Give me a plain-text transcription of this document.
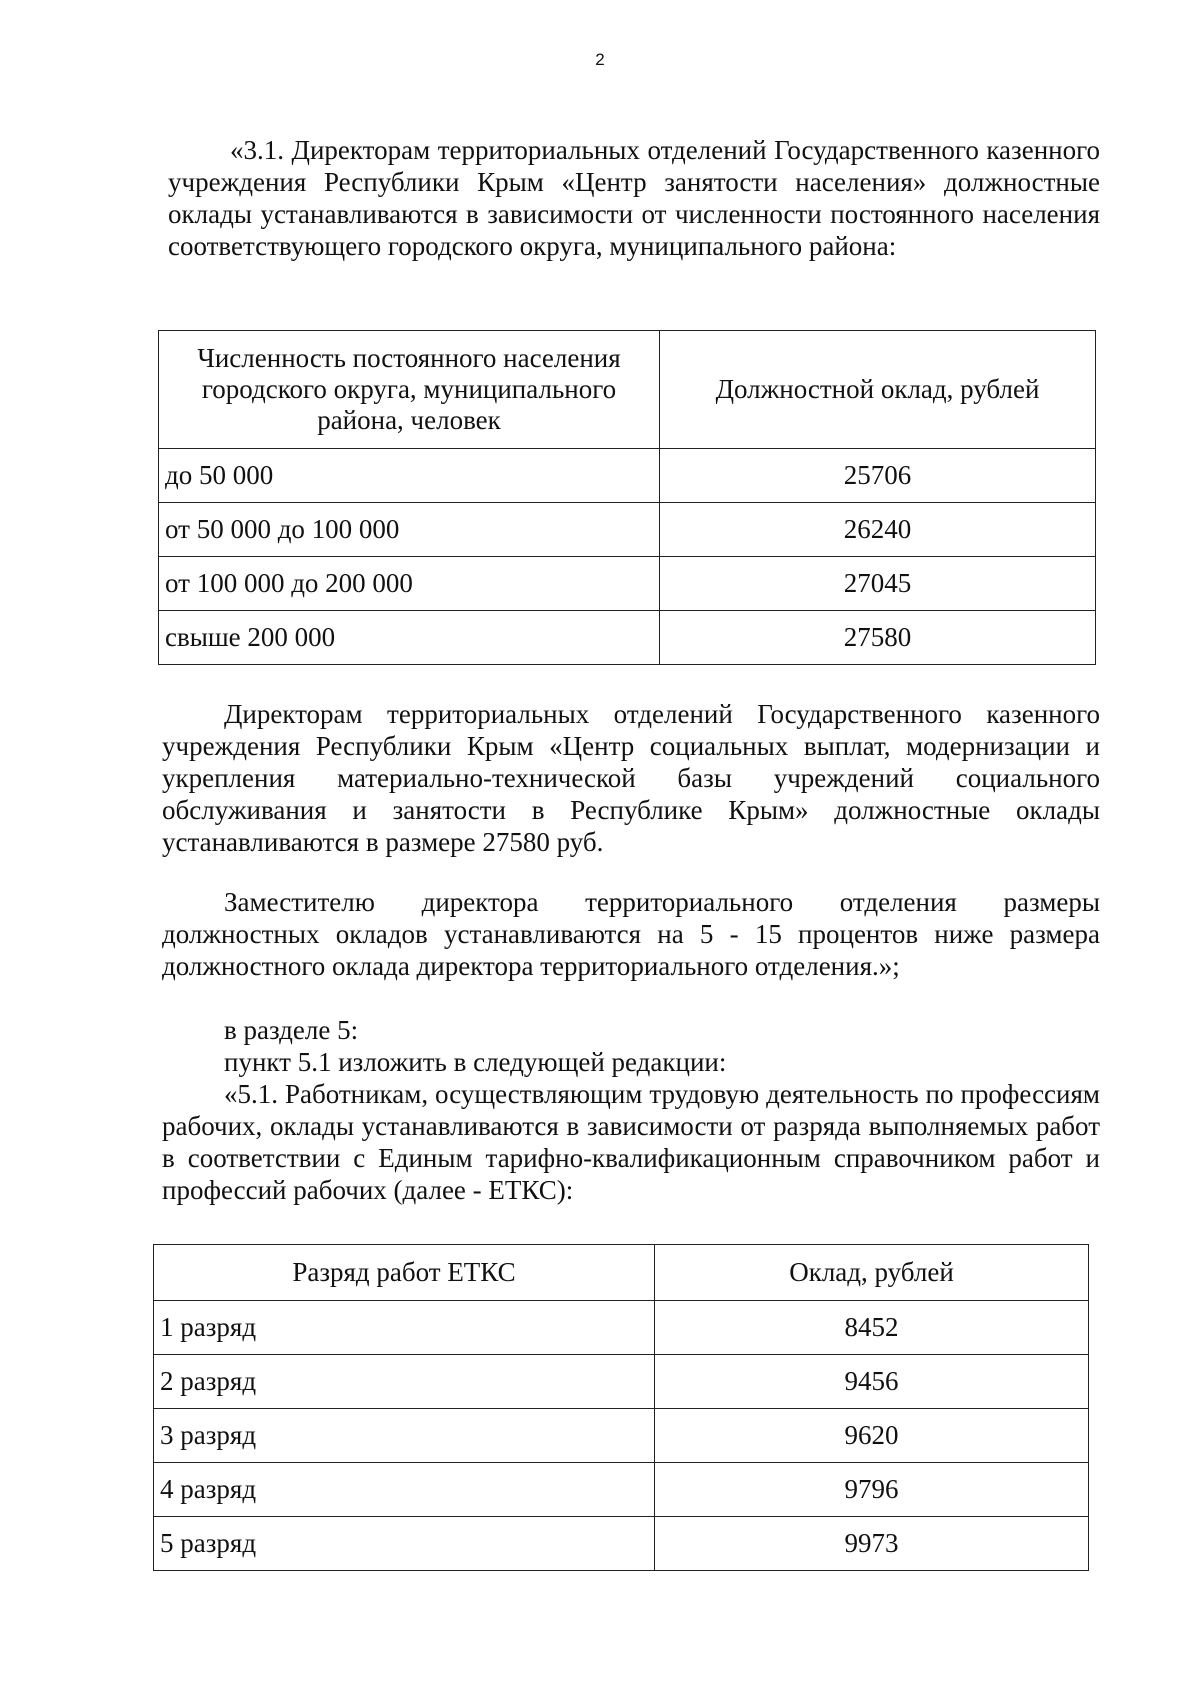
2

«3.1. Директорам территориальных отделений Государственного казенного учреждения Республики Крым «Центр занятости населения» должностные оклады устанавливаются в зависимости от численности постоянного населения соответствующего городского округа, муниципального района:

Численность постоянного населения городского округа, муниципального района, человек	Должностной оклад, рублей
до 50 000	25706
от 50 000 до 100 000	26240
от 100 000 до 200 000	27045
свыше 200 000	27580

Директорам территориальных отделений Государственного казенного учреждения Республики Крым «Центр социальных выплат, модернизации и укрепления материально-технической базы учреждений социального обслуживания и занятости в Республике Крым» должностные оклады устанавливаются в размере 27580 руб.

Заместителю директора территориального отделения размеры должностных окладов устанавливаются на 5 - 15 процентов ниже размера должностного оклада директора территориального отделения.»;

в разделе 5:
пункт 5.1 изложить в следующей редакции:
«5.1. Работникам, осуществляющим трудовую деятельность по профессиям рабочих, оклады устанавливаются в зависимости от разряда выполняемых работ в соответствии с Единым тарифно-квалификационным справочником работ и профессий рабочих (далее - ЕТКС):
Разряд работ ЕТКС	Оклад, рублей
1 разряд	8452
2 разряд	9456
3 разряд	9620
4 разряд	9796
5 разряд	9973
